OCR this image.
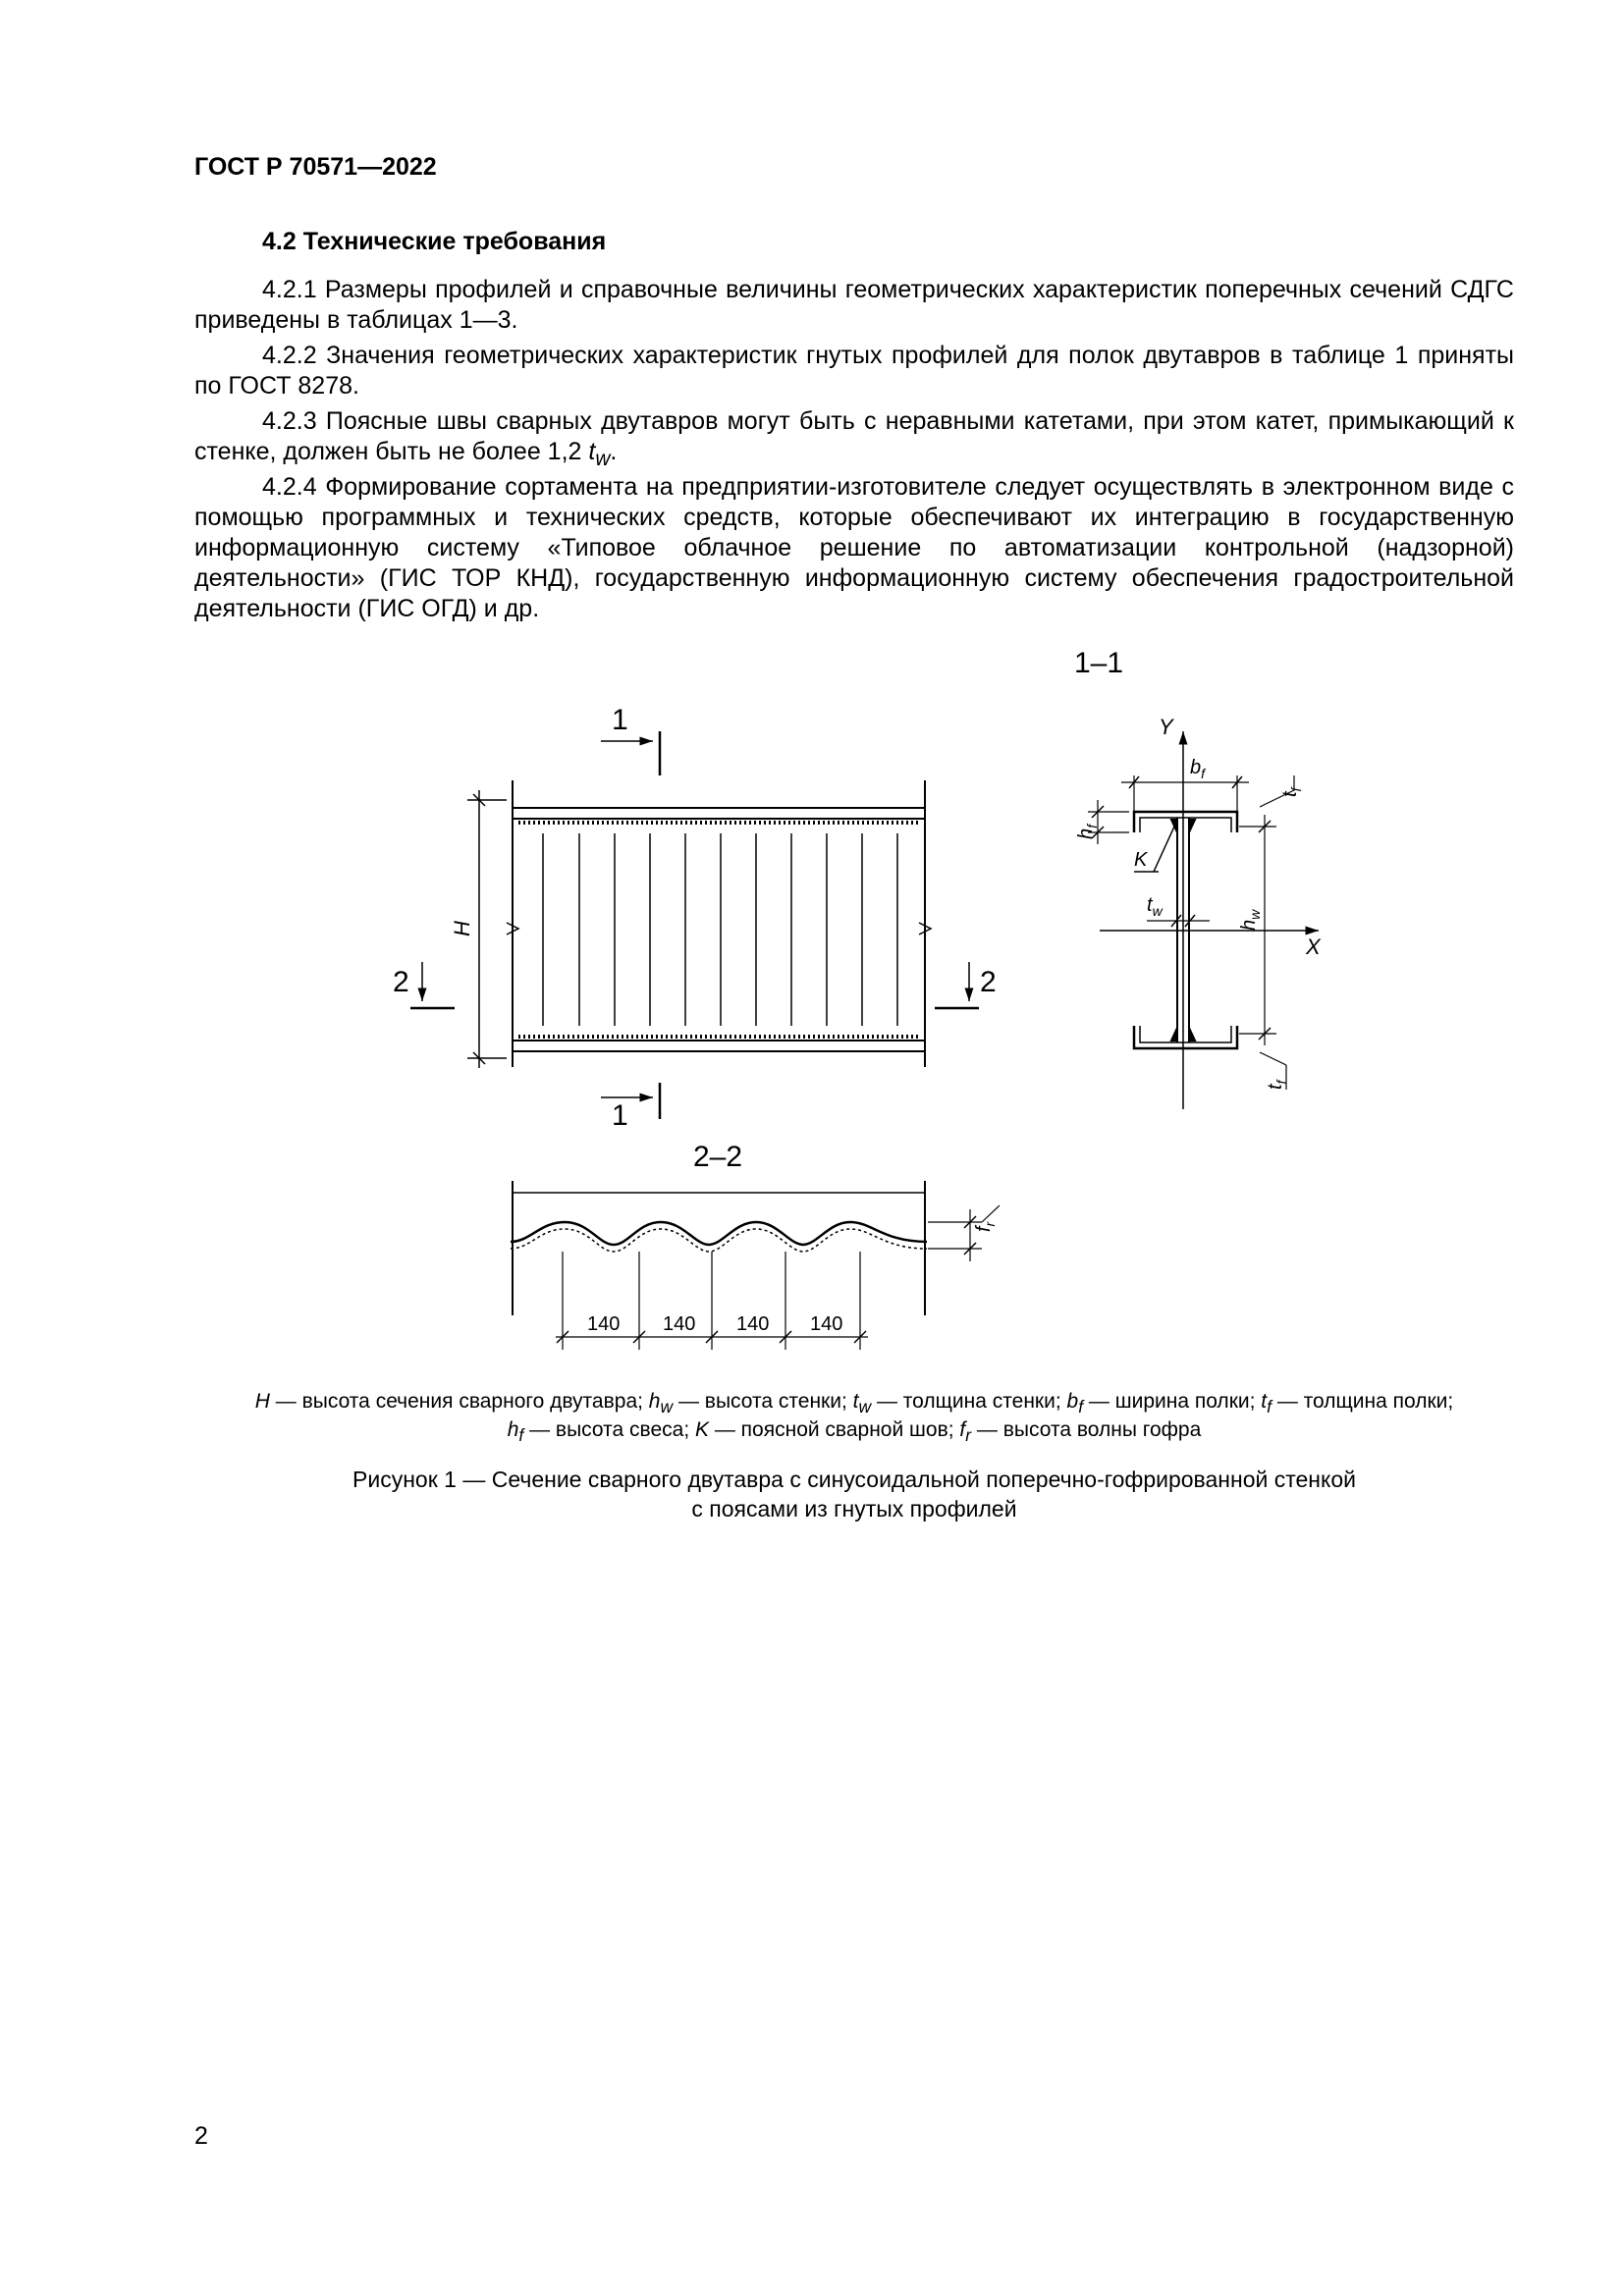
ГОСТ Р 70571—2022
4.2 Технические требования
4.2.1 Размеры профилей и справочные величины геометрических характеристик поперечных сечений СДГС приведены в таблицах 1—3.
4.2.2 Значения геометрических характеристик гнутых профилей для полок двутавров в таблице 1 приняты по ГОСТ 8278.
4.2.3 Поясные швы сварных двутавров могут быть с неравными катетами, при этом катет, примыкающий к стенке, должен быть не более 1,2 $t_w$.
4.2.4 Формирование сортамента на предприятии-изготовителе следует осуществлять в электронном виде с помощью программных и технических средств, которые обеспечивают их интеграцию в государственную информационную систему «Типовое облачное решение по автоматизации контрольной (надзорной) деятельности» (ГИС ТОР КНД), государственную информационную систему обеспечения градостроительной деятельности (ГИС ОГД) и др.
H
1
1
2	2
1–1
Y
X
$b_f$
K
$t_w$
$h_w$
$h_f$
$t_f$
$t_f$
2–2
$f_r$
140 140 140 140
H — высота сечения сварного двутавра; $h_w$ — высота стенки; $t_w$ — толщина стенки; $b_f$ — ширина полки; $t_f$ — толщина полки;
$h_f$ — высота свеса; K — поясной сварной шов; $f_r$ — высота волны гофра
Рисунок 1 — Сечение сварного двутавра с синусоидальной поперечно-гофрированной стенкой
с поясами из гнутых профилей
2
